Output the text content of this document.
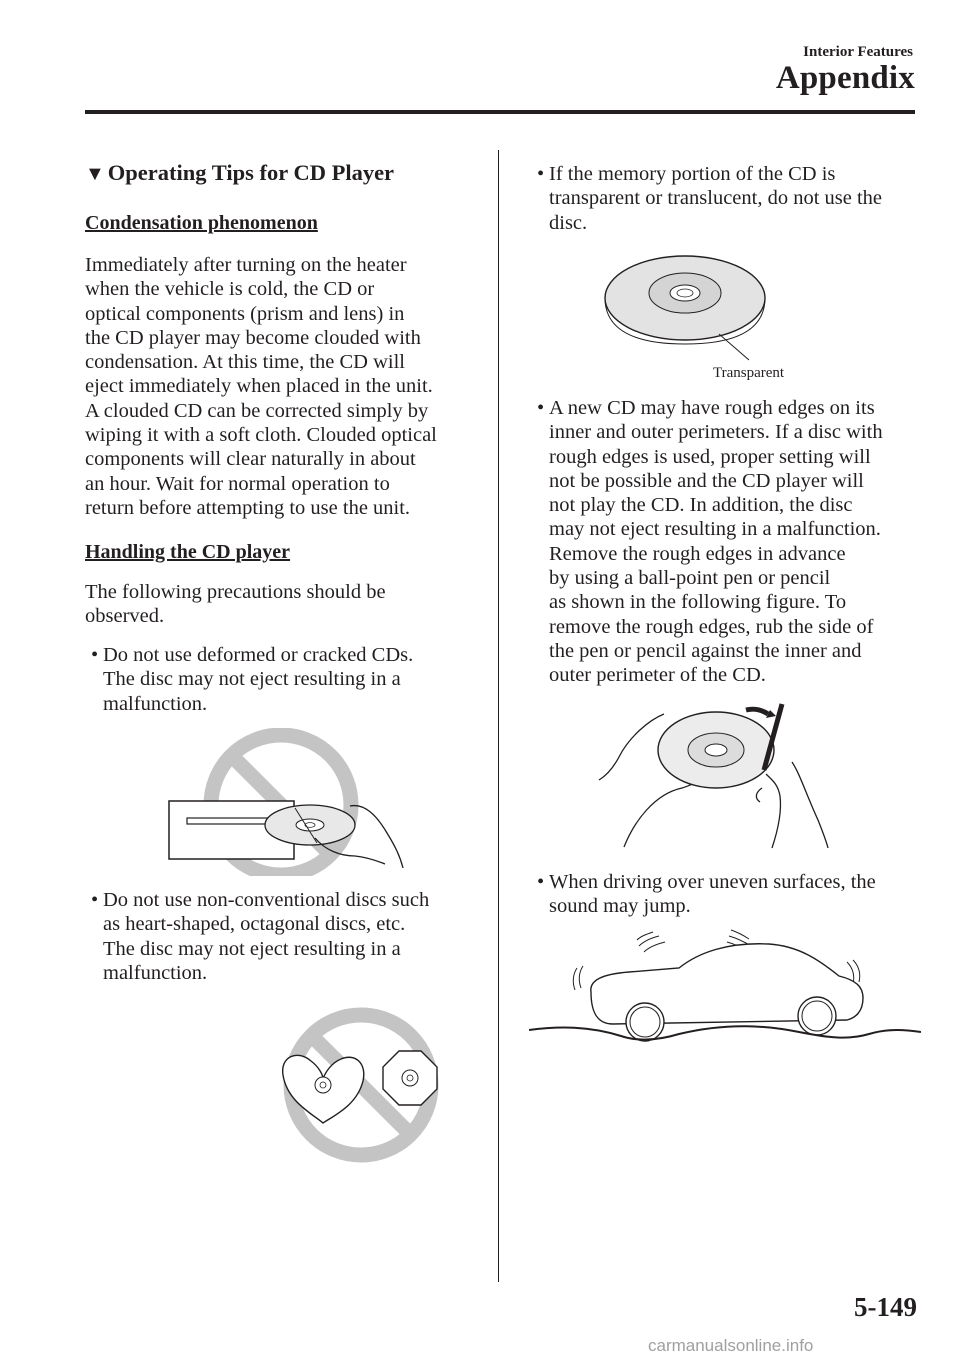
Interior Features

Appendix

▼ Operating Tips for CD Player
Condensation phenomenon

Immediately after turning on the heater
when the vehicle is cold, the CD or
optical components (prism and lens) in
the CD player may become clouded with
condensation. At this time, the CD will
eject immediately when placed in the unit.
A clouded CD can be corrected simply by
wiping it with a soft cloth. Clouded optical
components will clear naturally in about
an hour. Wait for normal operation to
return before attempting to use the unit.

Handling the CD player

The following precautions should be
observed.

• Do not use deformed or cracked CDs.
The disc may not eject resulting in a
malfunction.

• Do not use non-conventional discs such
as heart-shaped, octagonal discs, etc.
The disc may not eject resulting in a
malfunction.

• If the memory portion of the CD is
transparent or translucent, do not use the
disc.

Transparent

• A new CD may have rough edges on its
inner and outer perimeters. If a disc with
rough edges is used, proper setting will
not be possible and the CD player will
not play the CD. In addition, the disc
may not eject resulting in a malfunction.
Remove the rough edges in advance
by using a ball-point pen or pencil
as shown in the following figure. To
remove the rough edges, rub the side of
the pen or pencil against the inner and
outer perimeter of the CD.

• When driving over uneven surfaces, the
sound may jump.

5-149

carmanualsonline.info
